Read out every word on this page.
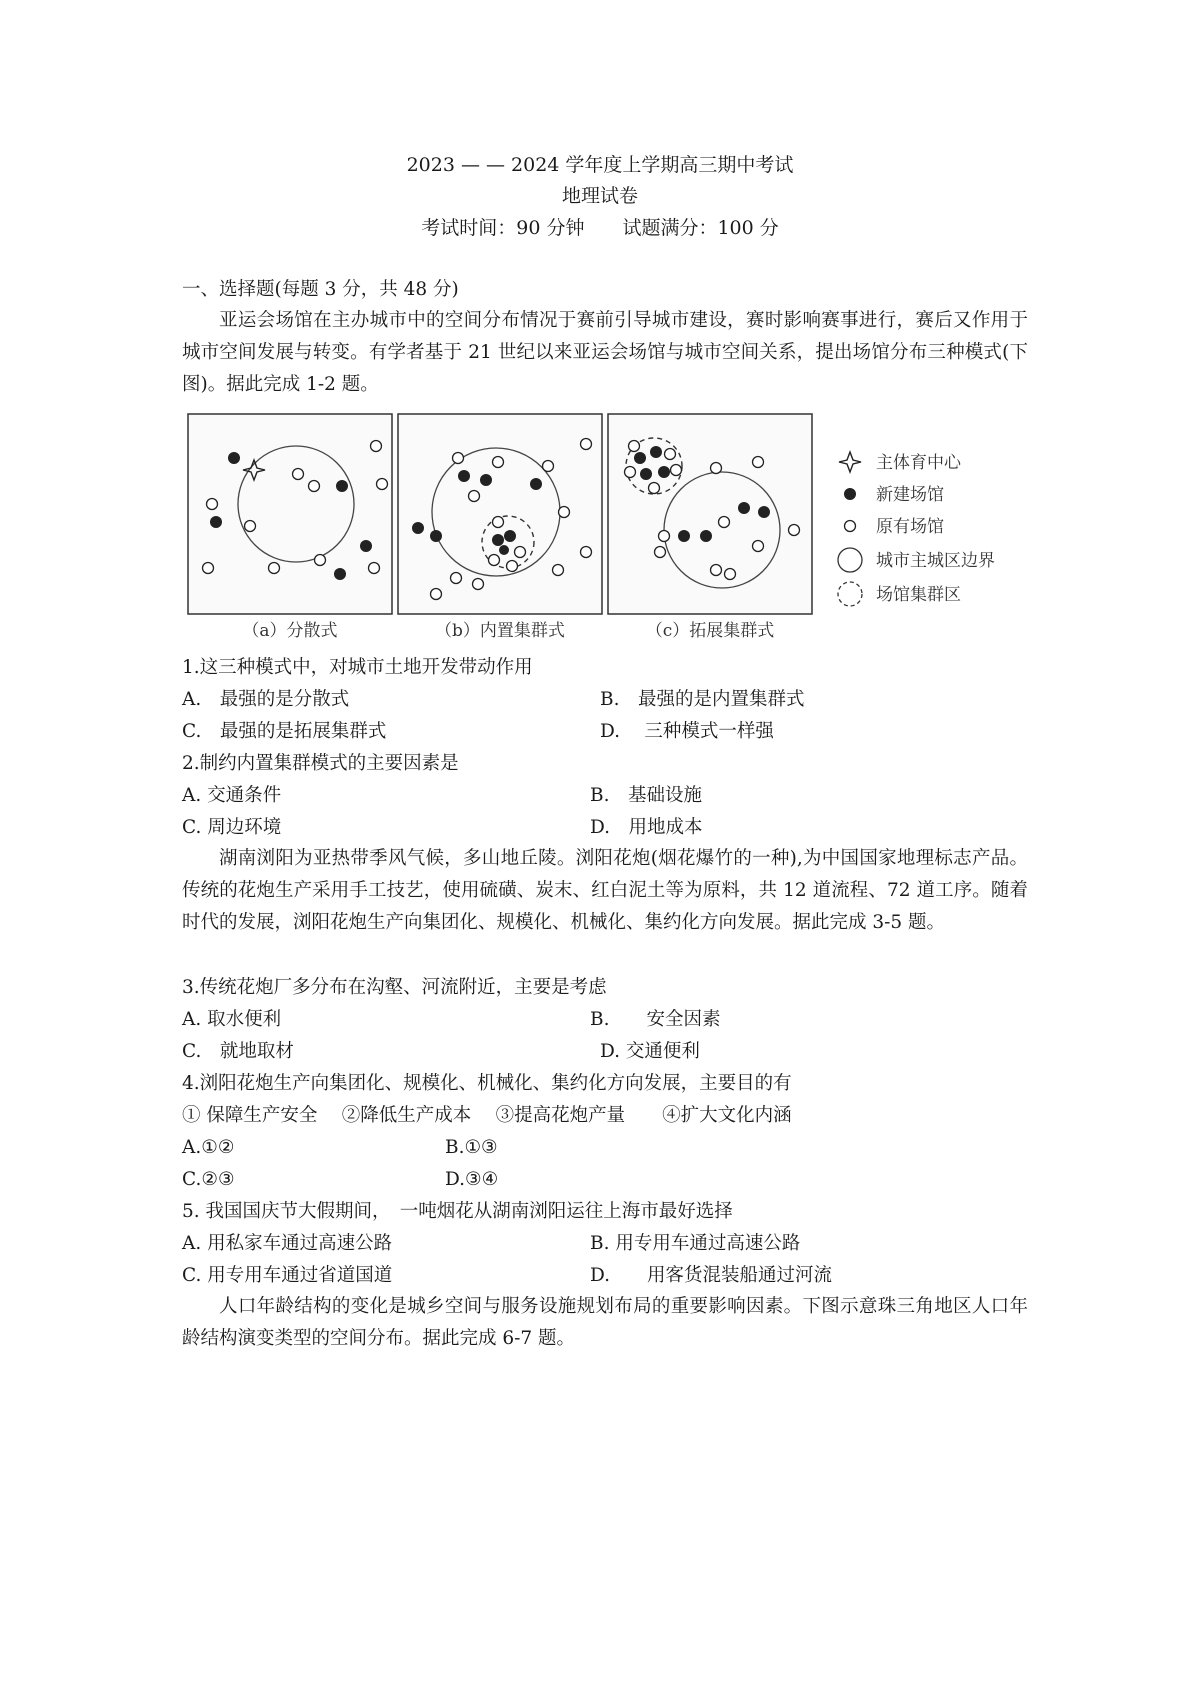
2023 — — 2024 学年度上学期高三期中考试
地理试卷
考试时间：90 分钟　　试题满分：100 分
一、选择题(每题 3 分，共 48 分)
亚运会场馆在主办城市中的空间分布情况于赛前引导城市建设，赛时影响赛事进行，赛后又作用于城市空间发展与转变。有学者基于 21 世纪以来亚运会场馆与城市空间关系，提出场馆分布三种模式(下图)。据此完成 1-2 题。
（a）分散式	（b）内置集群式	（c）拓展集群式
主体育中心
新建场馆
原有场馆
城市主城区边界
场馆集群区
1.这三种模式中，对城市土地开发带动作用
A.　最强的是分散式	B.　最强的是内置集群式
C.　最强的是拓展集群式	D.　 三种模式一样强
2.制约内置集群模式的主要因素是
A. 交通条件	B.　基础设施
C. 周边环境	D.　用地成本
湖南浏阳为亚热带季风气候，多山地丘陵。浏阳花炮(烟花爆竹的一种),为中国国家地理标志产品。传统的花炮生产采用手工技艺，使用硫磺、炭末、红白泥土等为原料，共 12 道流程、72 道工序。随着时代的发展，浏阳花炮生产向集团化、规模化、机械化、集约化方向发展。据此完成 3-5 题。
3.传统花炮厂多分布在沟壑、河流附近，主要是考虑
A. 取水便利	B.　　安全因素
C.　就地取材	D. 交通便利
4.浏阳花炮生产向集团化、规模化、机械化、集约化方向发展，主要目的有
① 保障生产安全　 ②降低生产成本　 ③提高花炮产量　　④扩大文化内涵
A.①②	B.①③
C.②③	D.③④
5. 我国国庆节大假期间，　一吨烟花从湖南浏阳运往上海市最好选择
A. 用私家车通过高速公路	B. 用专用车通过高速公路
C. 用专用车通过省道国道	D.　　用客货混装船通过河流
人口年龄结构的变化是城乡空间与服务设施规划布局的重要影响因素。下图示意珠三角地区人口年龄结构演变类型的空间分布。据此完成 6-7 题。
